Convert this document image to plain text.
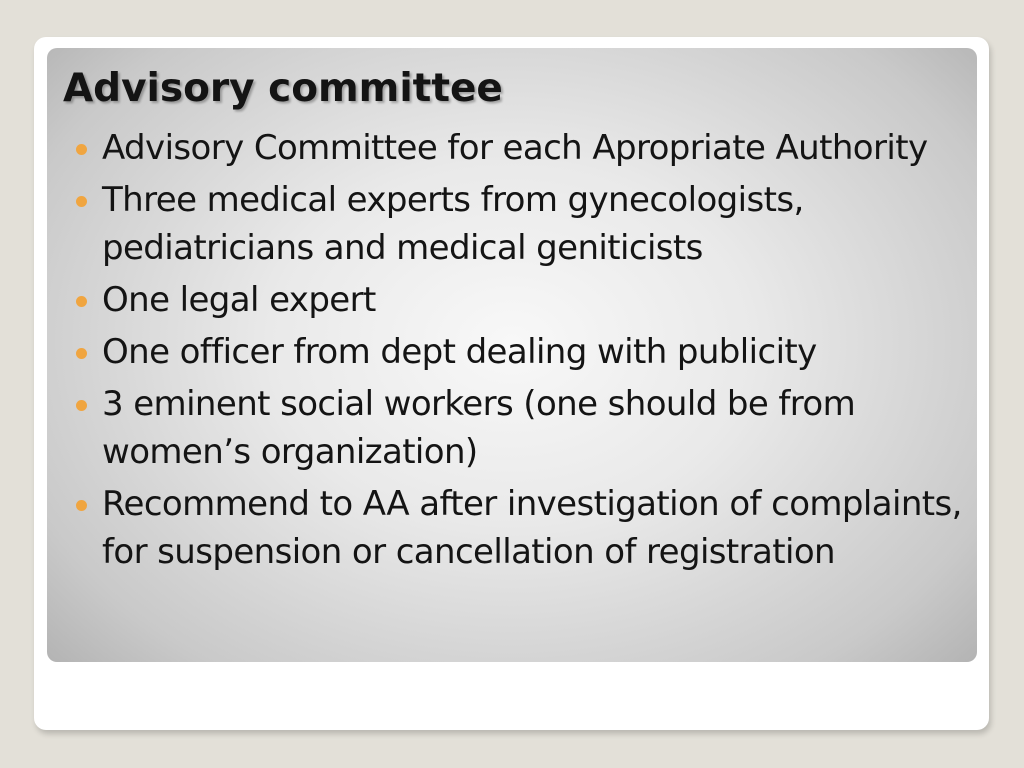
Advisory committee
Advisory Committee for each Apropriate Authority
Three medical experts from gynecologists, pediatricians and medical geniticists
One legal expert
One officer from dept dealing with publicity
3 eminent social workers (one should be from women’s organization)
Recommend to AA after investigation of complaints, for suspension or cancellation of registration
